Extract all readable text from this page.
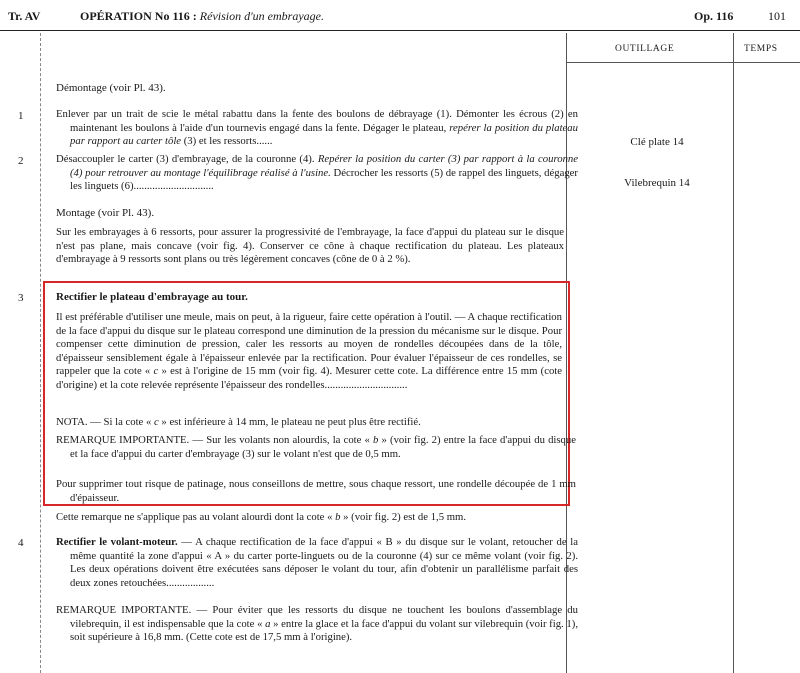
Tr. AV	OPÉRATION No 116 : Révision d'un embrayage.	Op. 116	101
OUTILLAGE	TEMPS
Démontage (voir Pl. 43).
1	Enlever par un trait de scie le métal rabattu dans la fente des boulons de débrayage (1). Démonter les écrous (2) en maintenant les boulons à l'aide d'un tournevis engagé dans la fente. Dégager le plateau, repérer la position du plateau par rapport au carter tôle (3) et les ressorts......	Clé plate 14
2	Désaccoupler le carter (3) d'embrayage, de la couronne (4). Repérer la position du carter (3) par rapport à la couronne (4) pour retrouver au montage l'équilibrage réalisé à l'usine. Décrocher les ressorts (5) de rappel des linguets, dégager les linguets (6)..............................	Vilebrequin 14
Montage (voir Pl. 43).
Sur les embrayages à 6 ressorts, pour assurer la progressivité de l'embrayage, la face d'appui du plateau sur le disque n'est pas plane, mais concave (voir fig. 4). Conserver ce cône à chaque rectification du plateau. Les plateaux d'embrayage à 9 ressorts sont plans ou très légèrement concaves (cône de 0 à 2 %).
3	Rectifier le plateau d'embrayage au tour.
Il est préférable d'utiliser une meule, mais on peut, à la rigueur, faire cette opération à l'outil. — A chaque rectification de la face d'appui du disque sur le plateau correspond une diminution de la pression du mécanisme sur le disque. Pour compenser cette diminution de pression, caler les ressorts au moyen de rondelles découpées dans de la tôle, d'épaisseur sensiblement égale à l'épaisseur enlevée par la rectification. Pour évaluer l'épaisseur de ces rondelles, se rappeler que la cote « c » est à l'origine de 15 mm (voir fig. 4). Mesurer cette cote. La différence entre 15 mm (cote d'origine) et la cote relevée représente l'épaisseur des rondelles...............................
NOTA. — Si la cote « c » est inférieure à 14 mm, le plateau ne peut plus être rectifié.
REMARQUE IMPORTANTE. — Sur les volants non alourdis, la cote « b » (voir fig. 2) entre la face d'appui du disque et la face d'appui du carter d'embrayage (3) sur le volant n'est que de 0,5 mm.
Pour supprimer tout risque de patinage, nous conseillons de mettre, sous chaque ressort, une rondelle découpée de 1 mm d'épaisseur.
Cette remarque ne s'applique pas au volant alourdi dont la cote « b » (voir fig. 2) est de 1,5 mm.
4	Rectifier le volant-moteur. — A chaque rectification de la face d'appui « B » du disque sur le volant, retoucher de la même quantité la zone d'appui « A » du carter porte-linguets ou de la couronne (4) sur ce même volant (voir fig. 2). Les deux opérations doivent être exécutées sans déposer le volant du tour, afin d'obtenir un parallélisme parfait des deux zones retouchées..................
REMARQUE IMPORTANTE. — Pour éviter que les ressorts du disque ne touchent les boulons d'assemblage du vilebrequin, il est indispensable que la cote « a » entre la glace et la face d'appui du volant sur vilebrequin (voir fig. 1), soit supérieure à 16,8 mm. (Cette cote est de 17,5 mm à l'origine).
